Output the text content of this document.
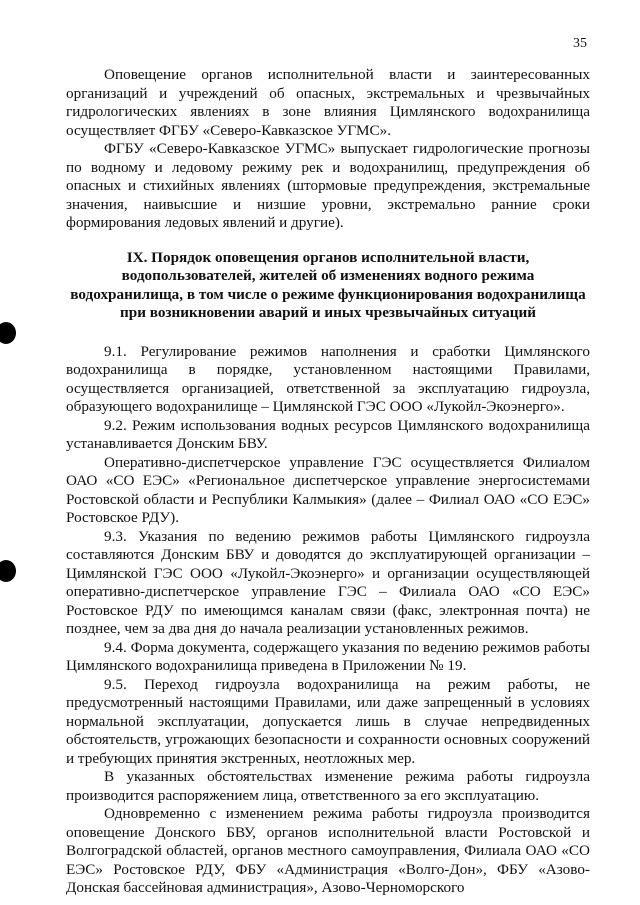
35

Оповещение органов исполнительной власти и заинтересованных организаций и учреждений об опасных, экстремальных и чрезвычайных гидрологических явлениях в зоне влияния Цимлянского водохранилища осуществляет ФГБУ «Северо-Кавказское УГМС».

ФГБУ «Северо-Кавказское УГМС» выпускает гидрологические прогнозы по водному и ледовому режиму рек и водохранилищ, предупреждения об опасных и стихийных явлениях (штормовые предупреждения, экстремальные значения, наивысшие и низшие уровни, экстремально ранние сроки формирования ледовых явлений и другие).

IX. Порядок оповещения органов исполнительной власти,
водопользователей, жителей об изменениях водного режима
водохранилища, в том числе о режиме функционирования водохранилища
при возникновении аварий и иных чрезвычайных ситуаций

9.1. Регулирование режимов наполнения и сработки Цимлянского водохранилища в порядке, установленном настоящими Правилами, осуществляется организацией, ответственной за эксплуатацию гидроузла, образующего водохранилище – Цимлянской ГЭС ООО «Лукойл-Экоэнерго».

9.2. Режим использования водных ресурсов Цимлянского водохранилища устанавливается Донским БВУ.

Оперативно-диспетчерское управление ГЭС осуществляется Филиалом ОАО «СО ЕЭС» «Региональное диспетчерское управление энергосистемами Ростовской области и Республики Калмыкия» (далее – Филиал ОАО «СО ЕЭС» Ростовское РДУ).

9.3. Указания по ведению режимов работы Цимлянского гидроузла составляются Донским БВУ и доводятся до эксплуатирующей организации – Цимлянской ГЭС ООО «Лукойл-Экоэнерго» и организации осуществляющей оперативно-диспетчерское управление ГЭС – Филиала ОАО «СО ЕЭС» Ростовское РДУ по имеющимся каналам связи (факс, электронная почта) не позднее, чем за два дня до начала реализации установленных режимов.

9.4. Форма документа, содержащего указания по ведению режимов работы Цимлянского водохранилища приведена в Приложении № 19.

9.5. Переход гидроузла водохранилища на режим работы, не предусмотренный настоящими Правилами, или даже запрещенный в условиях нормальной эксплуатации, допускается лишь в случае непредвиденных обстоятельств, угрожающих безопасности и сохранности основных сооружений и требующих принятия экстренных, неотложных мер.

В указанных обстоятельствах изменение режима работы гидроузла производится распоряжением лица, ответственного за его эксплуатацию.

Одновременно с изменением режима работы гидроузла производится оповещение Донского БВУ, органов исполнительной власти Ростовской и Волгоградской областей, органов местного самоуправления, Филиала ОАО «СО ЕЭС» Ростовское РДУ, ФБУ «Администрация «Волго-Дон», ФБУ «Азово-Донская бассейновая администрация», Азово-Черноморского
